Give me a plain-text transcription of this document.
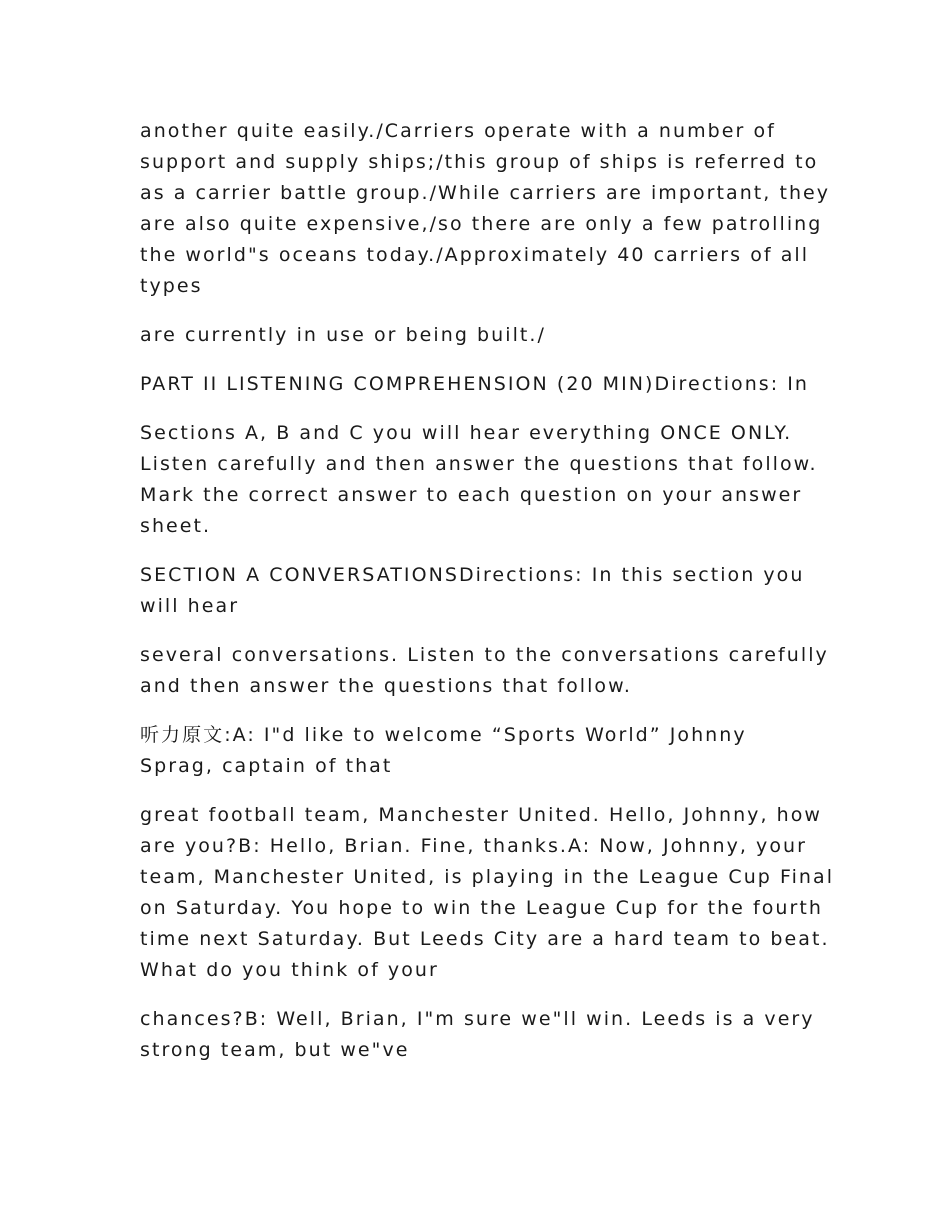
another quite easily./Carriers operate with a number of
support and supply ships;/this group of ships is referred to
as a carrier battle group./While carriers are important, they
are also quite expensive,/so there are only a few patrolling
the world"s oceans today./Approximately 40 carriers of all
types

are currently in use or being built./

PART II LISTENING COMPREHENSION (20 MIN)Directions: In

Sections A, B and C you will hear everything ONCE ONLY.
Listen carefully and then answer the questions that follow.
Mark the correct answer to each question on your answer
sheet.

SECTION A CONVERSATIONSDirections: In this section you
will hear

several conversations. Listen to the conversations carefully
and then answer the questions that follow.

听力原文:A: I"d like to welcome “Sports World” Johnny
Sprag, captain of that

great football team, Manchester United. Hello, Johnny, how
are you?B: Hello, Brian. Fine, thanks.A: Now, Johnny, your
team, Manchester United, is playing in the League Cup Final
on Saturday. You hope to win the League Cup for the fourth
time next Saturday. But Leeds City are a hard team to beat.
What do you think of your

chances?B: Well, Brian, I"m sure we"ll win. Leeds is a very
strong team, but we"ve
